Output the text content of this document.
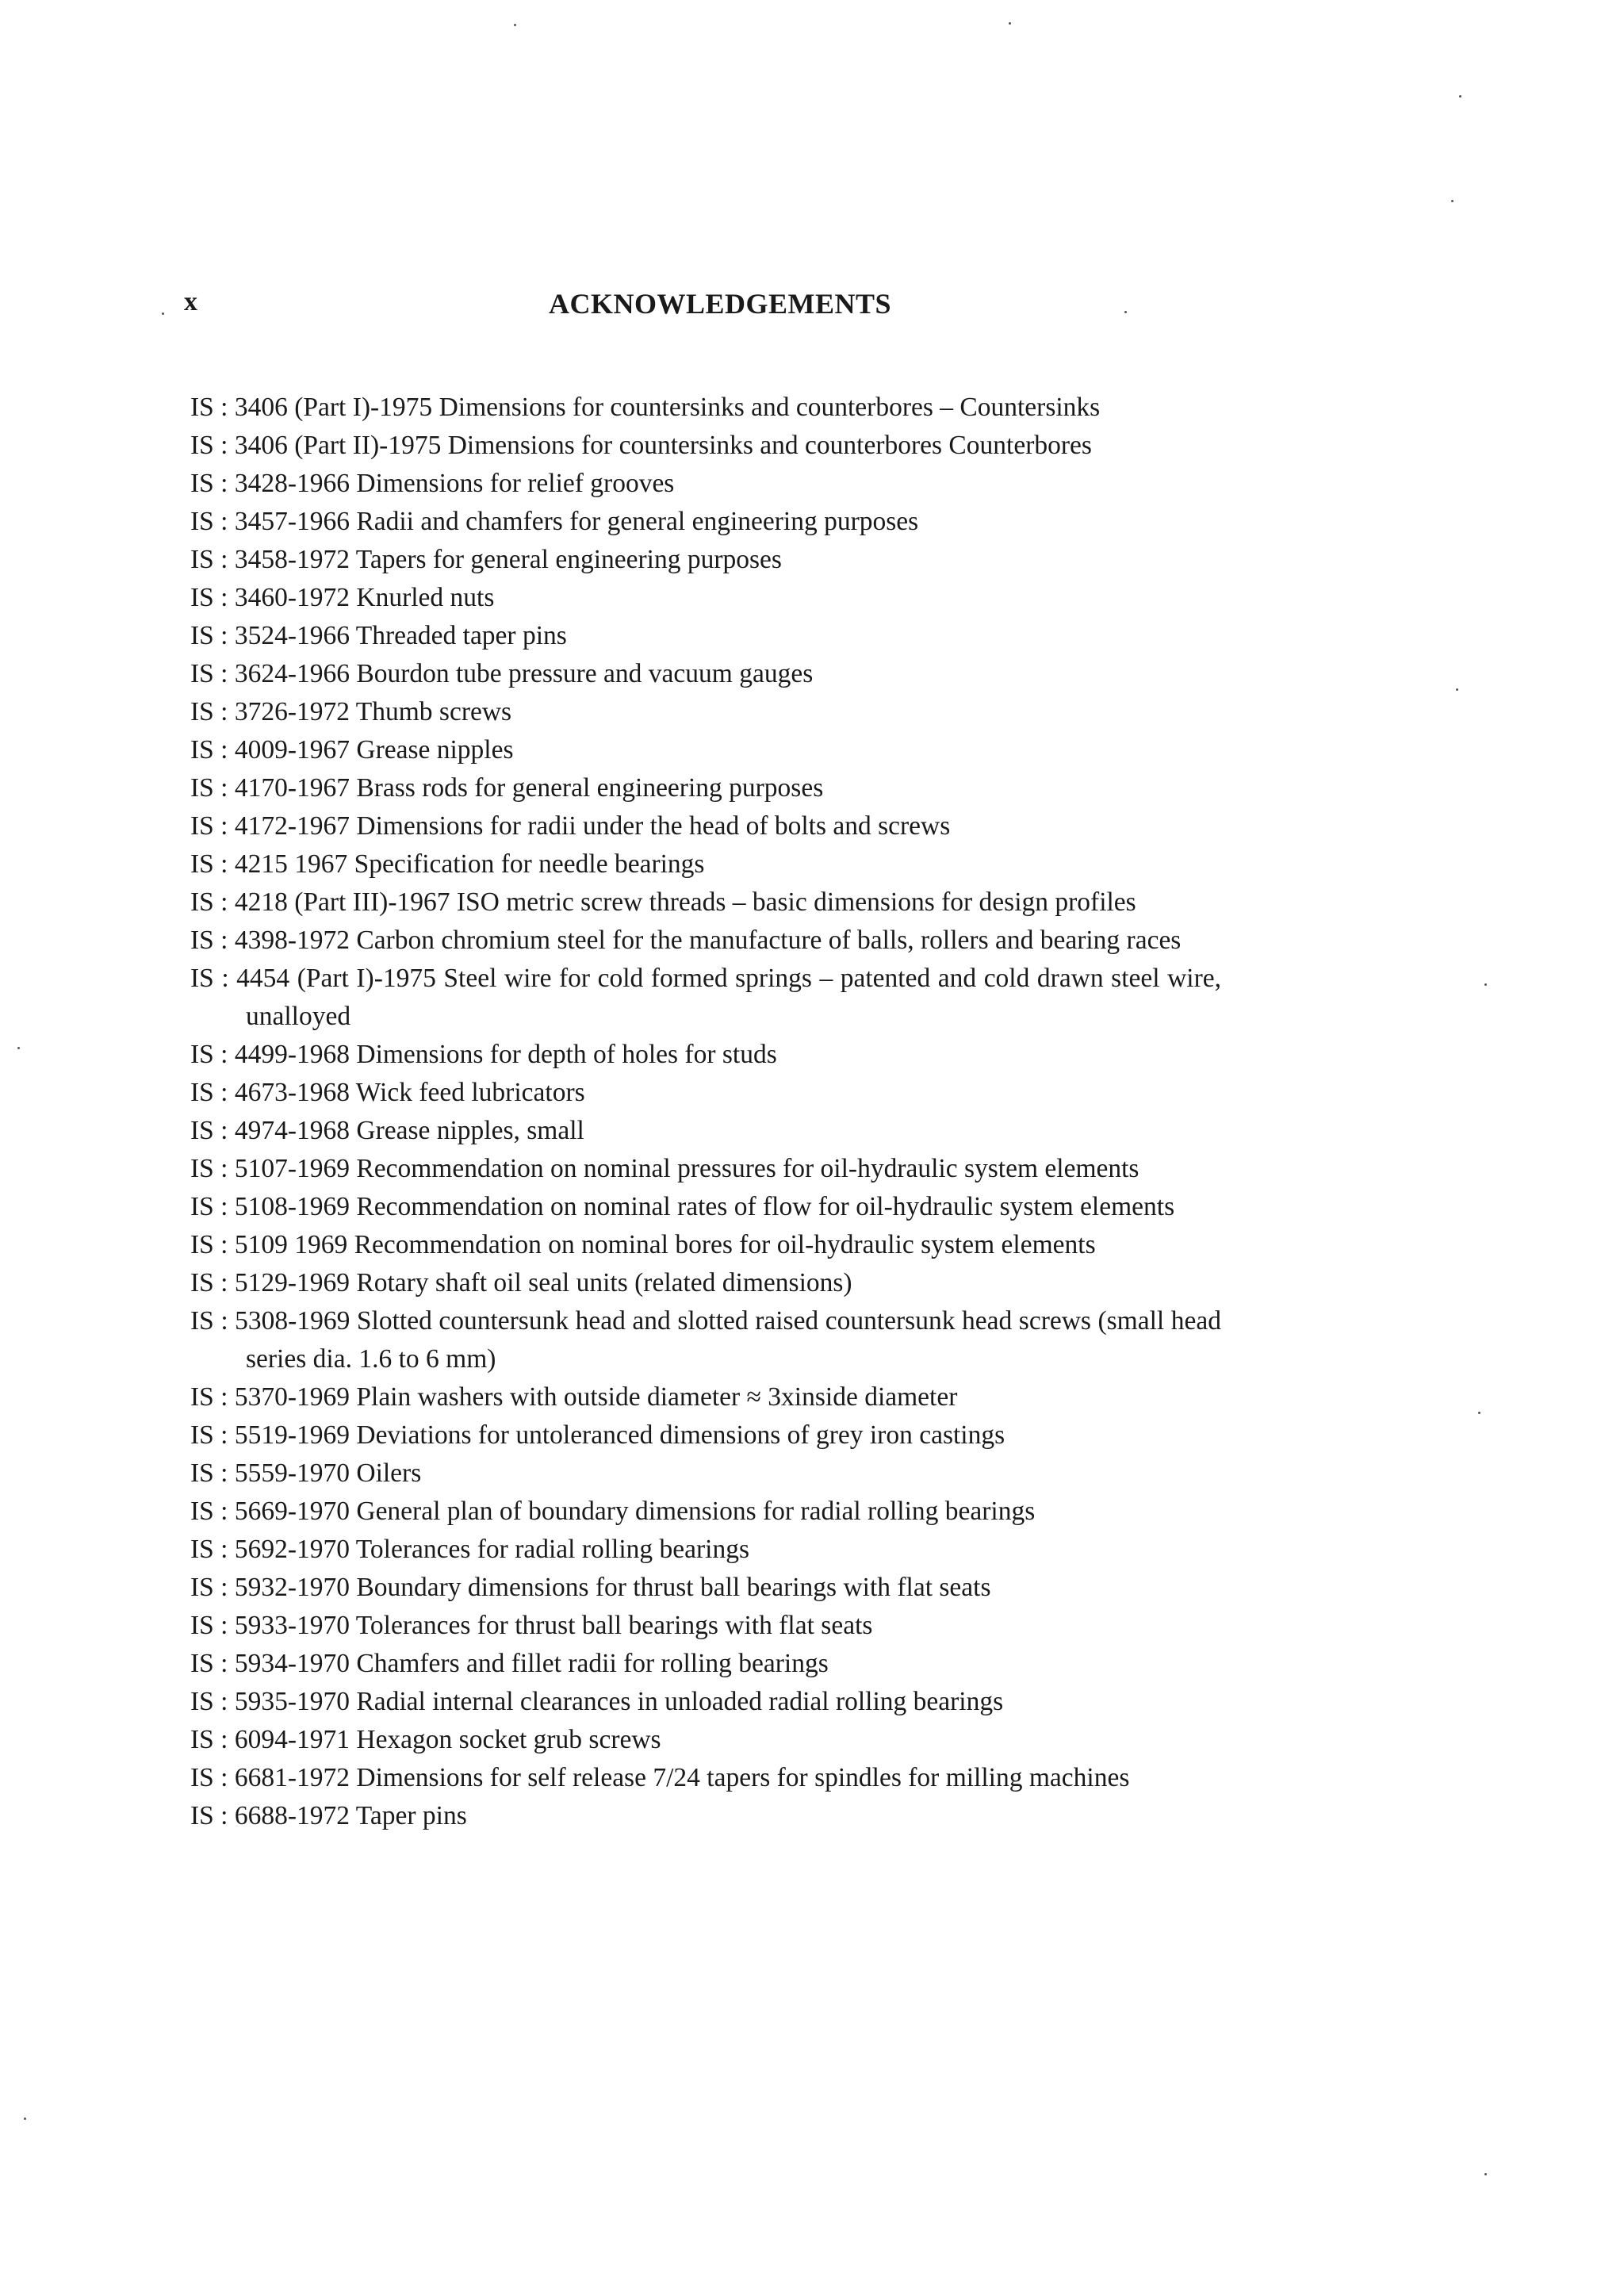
x	ACKNOWLEDGEMENTS
IS : 3406 (Part I)-1975 Dimensions for countersinks and counterbores – Countersinks
IS : 3406 (Part II)-1975 Dimensions for countersinks and counterbores Counterbores
IS : 3428-1966 Dimensions for relief grooves
IS : 3457-1966 Radii and chamfers for general engineering purposes
IS : 3458-1972 Tapers for general engineering purposes
IS : 3460-1972 Knurled nuts
IS : 3524-1966 Threaded taper pins
IS : 3624-1966 Bourdon tube pressure and vacuum gauges
IS : 3726-1972 Thumb screws
IS : 4009-1967 Grease nipples
IS : 4170-1967 Brass rods for general engineering purposes
IS : 4172-1967 Dimensions for radii under the head of bolts and screws
IS : 4215 1967 Specification for needle bearings
IS : 4218 (Part III)-1967 ISO metric screw threads – basic dimensions for design profiles
IS : 4398-1972 Carbon chromium steel for the manufacture of balls, rollers and bearing races
IS : 4454 (Part I)-1975 Steel wire for cold formed springs – patented and cold drawn steel wire, unalloyed
IS : 4499-1968 Dimensions for depth of holes for studs
IS : 4673-1968 Wick feed lubricators
IS : 4974-1968 Grease nipples, small
IS : 5107-1969 Recommendation on nominal pressures for oil-hydraulic system elements
IS : 5108-1969 Recommendation on nominal rates of flow for oil-hydraulic system elements
IS : 5109 1969 Recommendation on nominal bores for oil-hydraulic system elements
IS : 5129-1969 Rotary shaft oil seal units (related dimensions)
IS : 5308-1969 Slotted countersunk head and slotted raised countersunk head screws (small head series dia. 1.6 to 6 mm)
IS : 5370-1969 Plain washers with outside diameter ≈ 3xinside diameter
IS : 5519-1969 Deviations for untoleranced dimensions of grey iron castings
IS : 5559-1970 Oilers
IS : 5669-1970 General plan of boundary dimensions for radial rolling bearings
IS : 5692-1970 Tolerances for radial rolling bearings
IS : 5932-1970 Boundary dimensions for thrust ball bearings with flat seats
IS : 5933-1970 Tolerances for thrust ball bearings with flat seats
IS : 5934-1970 Chamfers and fillet radii for rolling bearings
IS : 5935-1970 Radial internal clearances in unloaded radial rolling bearings
IS : 6094-1971 Hexagon socket grub screws
IS : 6681-1972 Dimensions for self release 7/24 tapers for spindles for milling machines
IS : 6688-1972 Taper pins
